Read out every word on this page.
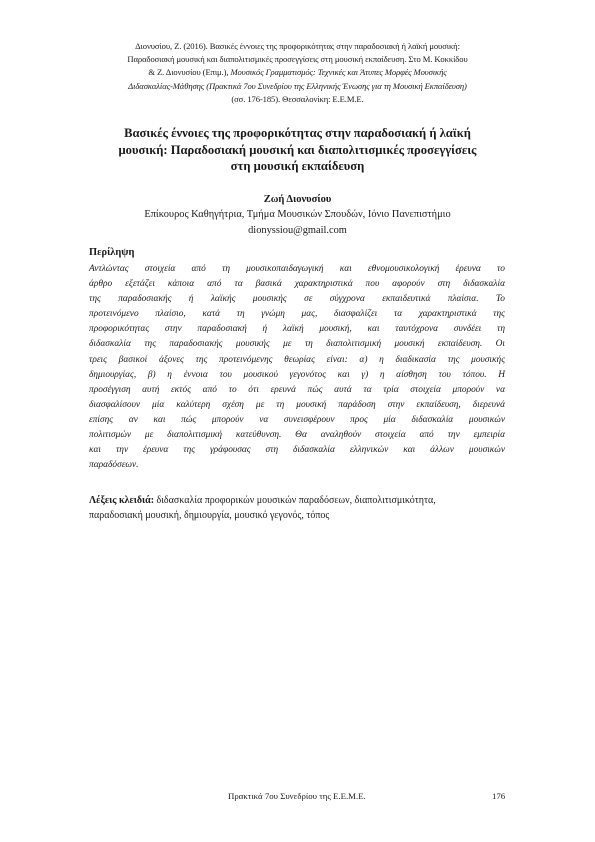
Διονυσίου, Ζ. (2016). Βασικές έννοιες της προφορικότητας στην παραδοσιακή ή λαϊκή μουσική:
Παραδοσιακή μουσική και διαπολιτισμικές προσεγγίσεις στη μουσική εκπαίδευση. Στο Μ. Κοκκίδου
& Ζ. Διονυσίου (Επιμ.), Μουσικός Γραμματισμός: Τεχνικές και Άτυπες Μορφές Μουσικής
Διδασκαλίας-Μάθησης (Πρακτικά 7ου Συνεδρίου της Ελληνικής Ένωσης για τη Μουσική Εκπαίδευση)
(σσ. 176-185). Θεσσαλονίκη: Ε.Ε.Μ.Ε.
Βασικές έννοιες της προφορικότητας στην παραδοσιακή ή λαϊκή
μουσική: Παραδοσιακή μουσική και διαπολιτισμικές προσεγγίσεις
στη μουσική εκπαίδευση
Ζωή Διονυσίου
Επίκουρος Καθηγήτρια, Τμήμα Μουσικών Σπουδών, Ιόνιο Πανεπιστήμιο
dionyssiou@gmail.com
Περίληψη
Αντλώντας στοιχεία από τη μουσικοπαιδαγωγική και εθνομουσικολογική έρευνα το
άρθρο εξετάζει κάποια από τα βασικά χαρακτηριστικά που αφορούν στη διδασκαλία
της παραδοσιακής ή λαϊκής μουσικής σε σύγχρονα εκπαιδευτικά πλαίσια. Το
προτεινόμενο πλαίσιο, κατά τη γνώμη μας, διασφαλίζει τα χαρακτηριστικά της
προφορικότητας στην παραδοσιακή ή λαϊκή μουσική, και ταυτόχρονα συνδέει τη
διδασκαλία της παραδοσιακής μουσικής με τη διαπολιτισμική μουσική εκπαίδευση. Οι
τρεις βασικοί άξονες της προτεινόμενης θεωρίας είναι: α) η διαδικασία της μουσικής
δημιουργίας, β) η έννοια του μουσικού γεγονότος και γ) η αίσθηση του τόπου. Η
προσέγγιση αυτή εκτός από το ότι ερευνά πώς αυτά τα τρία στοιχεία μπορούν να
διασφαλίσουν μία καλύτερη σχέση με τη μουσική παράδοση στην εκπαίδευση, διερευνά
επίσης αν και πώς μπορούν να συνεισφέρουν προς μία διδασκαλία μουσικών
πολιτισμών με διαπολιτισμική κατεύθυνση. Θα αναληθούν στοιχεία από την εμπειρία
και την έρευνα της γράφουσας στη διδασκαλία ελληνικών και άλλων μουσικών
παραδόσεων.
Λέξεις κλειδιά: διδασκαλία προφορικών μουσικών παραδόσεων, διαπολιτισμικότητα,
παραδοσιακή μουσική, δημιουργία, μουσικό γεγονός, τόπος
Πρακτικά 7ου Συνεδρίου της Ε.Ε.Μ.Ε.	176
